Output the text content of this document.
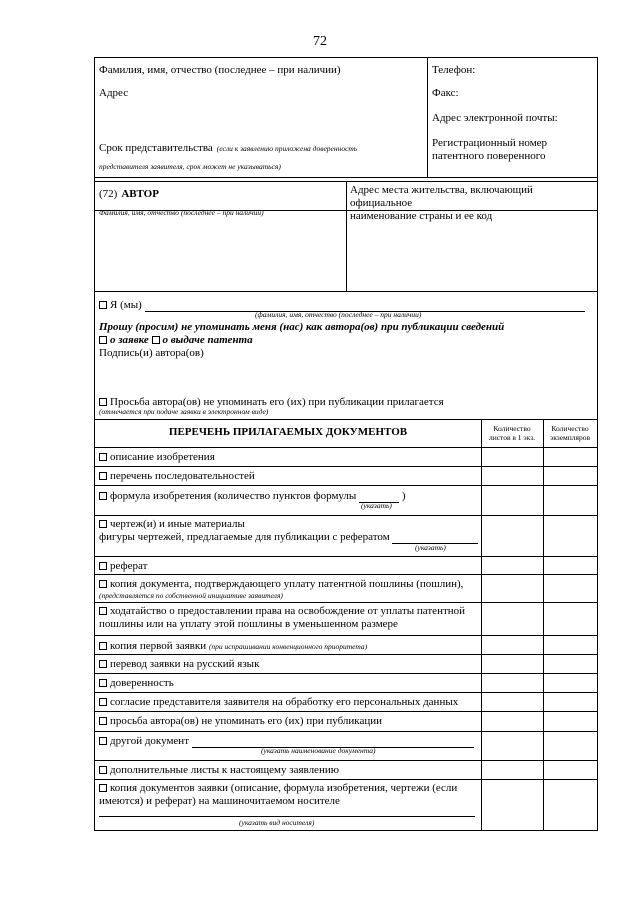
72
Фамилия, имя, отчество (последнее – при наличии)
Адрес
Срок представительства (если к заявлению приложена доверенность
представителя заявителя, срок может не указываться)
Телефон:
Факс:
Адрес электронной почты:
Регистрационный номер
патентного поверенного
(72) АВТОР
Фамилия, имя, отчество (последнее – при наличии)
Адрес места жительства, включающий официальное
наименование страны и ее код
Я (мы)
(фамилия, имя, отчество (последнее – при наличии)
Прошу (просим) не упоминать меня (нас) как автора(ов) при публикации сведений
о заявке о выдаче патента
Подпись(и) автора(ов)
Просьба автора(ов) не упоминать его (их) при публикации прилагается
(отмечается при подаче заявки в электронном виде)
ПЕРЕЧЕНЬ ПРИЛАГАЕМЫХ ДОКУМЕНТОВ	Количество
листов в 1 экз.
Количество
экземпляров
описание изобретения
перечень последовательностей
формула изобретения (количество пунктов формулы	)
(указать)
чертеж(и) и иные материалы
фигуры чертежей, предлагаемые для публикации с рефератом
(указать)
реферат
копия документа, подтверждающего уплату патентной пошлины (пошлин),
(представляется по собственной инициативе заявителя)
ходатайство о предоставлении права на освобождение от уплаты патентной
пошлины или на уплату этой пошлины в уменьшенном размере
копия первой заявки (при испрашивании конвенционного приоритета)
перевод заявки на русский язык
доверенность
согласие представителя заявителя на обработку его персональных данных
просьба автора(ов) не упоминать его (их) при публикации
другой документ
(указать наименование документа)
дополнительные листы к настоящему заявлению
копия документов заявки (описание, формула изобретения, чертежи (если
имеются) и реферат) на машиночитаемом носителе
(указать вид носителя)
